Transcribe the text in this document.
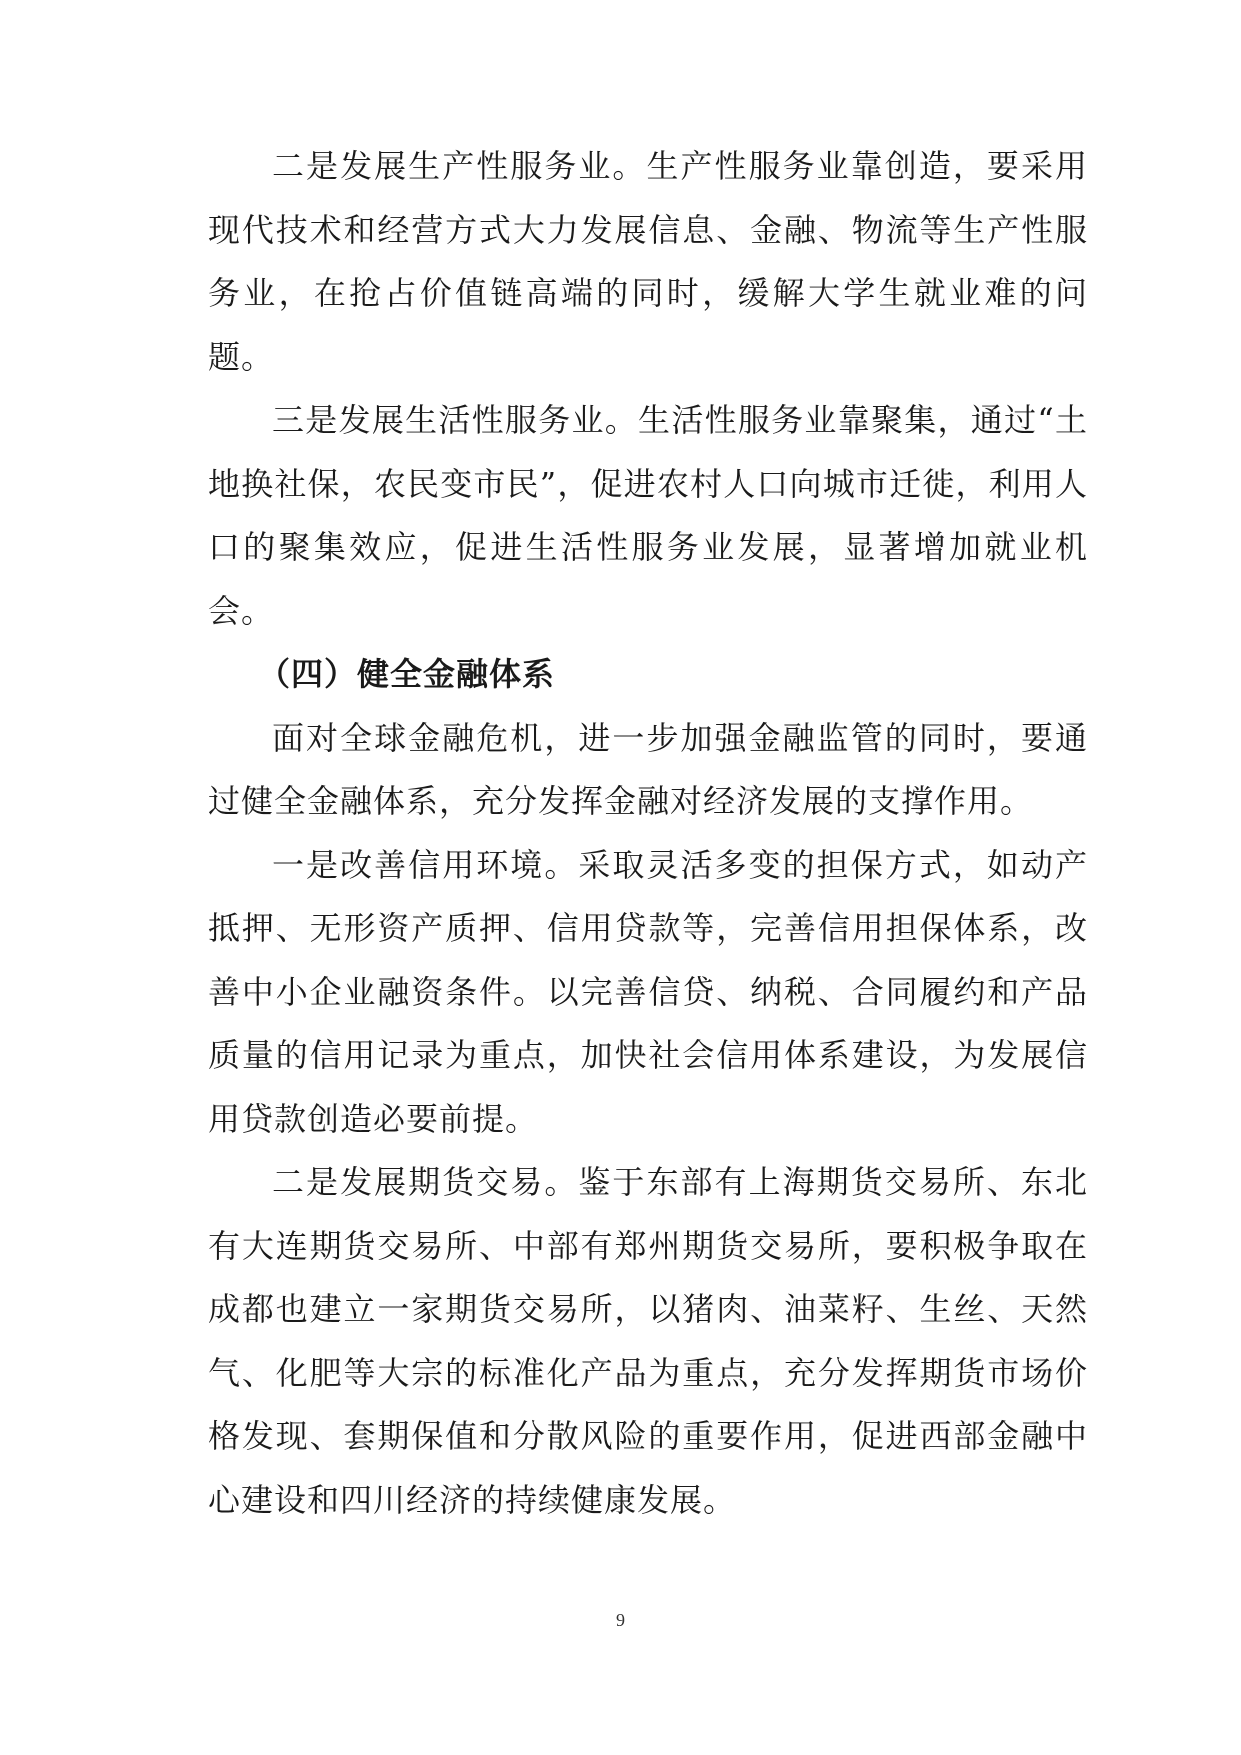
二是发展生产性服务业。生产性服务业靠创造，要采用现代技术和经营方式大力发展信息、金融、物流等生产性服务业，在抢占价值链高端的同时，缓解大学生就业难的问题。

三是发展生活性服务业。生活性服务业靠聚集，通过“土地换社保，农民变市民”，促进农村人口向城市迁徙，利用人口的聚集效应，促进生活性服务业发展，显著增加就业机会。

（四）健全金融体系

面对全球金融危机，进一步加强金融监管的同时，要通过健全金融体系，充分发挥金融对经济发展的支撑作用。

一是改善信用环境。采取灵活多变的担保方式，如动产抵押、无形资产质押、信用贷款等，完善信用担保体系，改善中小企业融资条件。以完善信贷、纳税、合同履约和产品质量的信用记录为重点，加快社会信用体系建设，为发展信用贷款创造必要前提。

二是发展期货交易。鉴于东部有上海期货交易所、东北有大连期货交易所、中部有郑州期货交易所，要积极争取在成都也建立一家期货交易所，以猪肉、油菜籽、生丝、天然气、化肥等大宗的标准化产品为重点，充分发挥期货市场价格发现、套期保值和分散风险的重要作用，促进西部金融中心建设和四川经济的持续健康发展。

9
